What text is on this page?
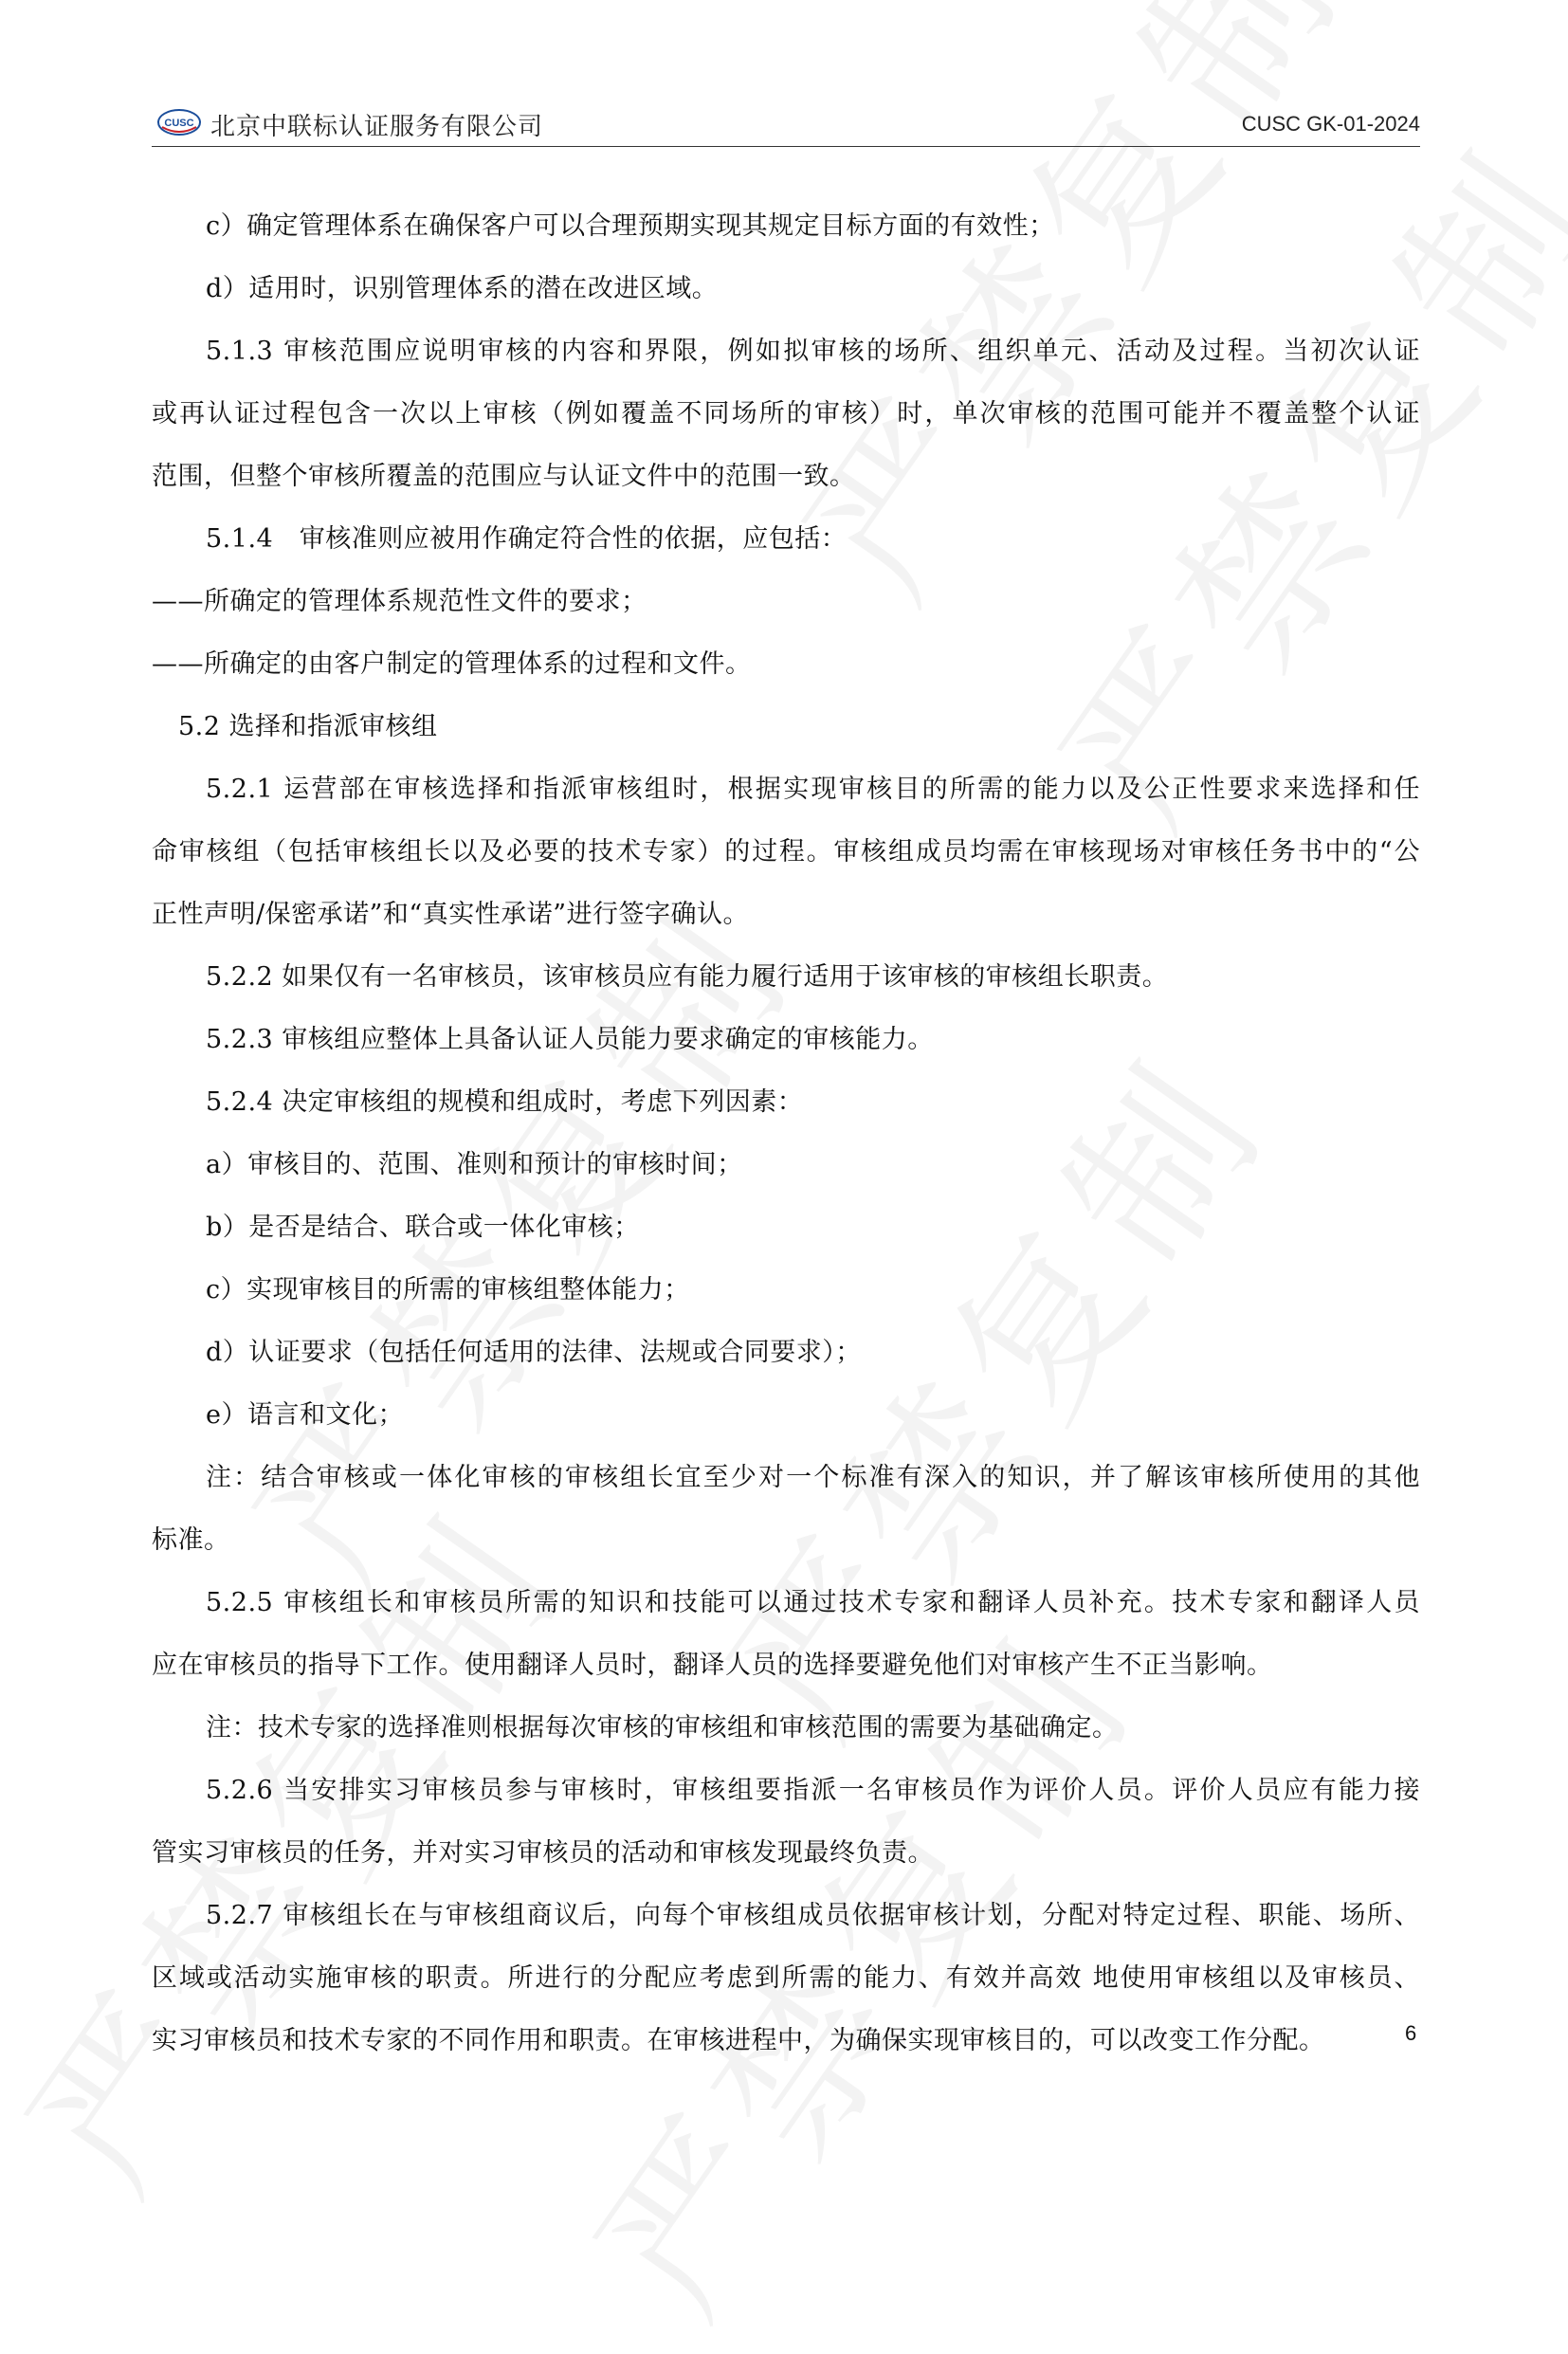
CUSC 北京中联标认证服务有限公司	CUSC GK-01-2024
c）确定管理体系在确保客户可以合理预期实现其规定目标方面的有效性；
d）适用时，识别管理体系的潜在改进区域。
5.1.3 审核范围应说明审核的内容和界限，例如拟审核的场所、组织单元、活动及过程。当初次认证
或再认证过程包含一次以上审核（例如覆盖不同场所的审核）时，单次审核的范围可能并不覆盖整个认证
范围，但整个审核所覆盖的范围应与认证文件中的范围一致。
5.1.4　审核准则应被用作确定符合性的依据，应包括：
——所确定的管理体系规范性文件的要求；
——所确定的由客户制定的管理体系的过程和文件。
5.2 选择和指派审核组
5.2.1 运营部在审核选择和指派审核组时，根据实现审核目的所需的能力以及公正性要求来选择和任
命审核组（包括审核组长以及必要的技术专家）的过程。审核组成员均需在审核现场对审核任务书中的“公
正性声明/保密承诺”和“真实性承诺”进行签字确认。
5.2.2 如果仅有一名审核员，该审核员应有能力履行适用于该审核的审核组长职责。
5.2.3 审核组应整体上具备认证人员能力要求确定的审核能力。
5.2.4 决定审核组的规模和组成时，考虑下列因素：
a）审核目的、范围、准则和预计的审核时间；
b）是否是结合、联合或一体化审核；
c）实现审核目的所需的审核组整体能力；
d）认证要求（包括任何适用的法律、法规或合同要求）；
e）语言和文化；
注：结合审核或一体化审核的审核组长宜至少对一个标准有深入的知识，并了解该审核所使用的其他
标准。
5.2.5 审核组长和审核员所需的知识和技能可以通过技术专家和翻译人员补充。技术专家和翻译人员
应在审核员的指导下工作。使用翻译人员时，翻译人员的选择要避免他们对审核产生不正当影响。
注：技术专家的选择准则根据每次审核的审核组和审核范围的需要为基础确定。
5.2.6 当安排实习审核员参与审核时，审核组要指派一名审核员作为评价人员。评价人员应有能力接
管实习审核员的任务，并对实习审核员的活动和审核发现最终负责。
5.2.7 审核组长在与审核组商议后，向每个审核组成员依据审核计划，分配对特定过程、职能、场所、
区域或活动实施审核的职责。所进行的分配应考虑到所需的能力、有效并高效 地使用审核组以及审核员、
实习审核员和技术专家的不同作用和职责。在审核进程中，为确保实现审核目的，可以改变工作分配。	6
